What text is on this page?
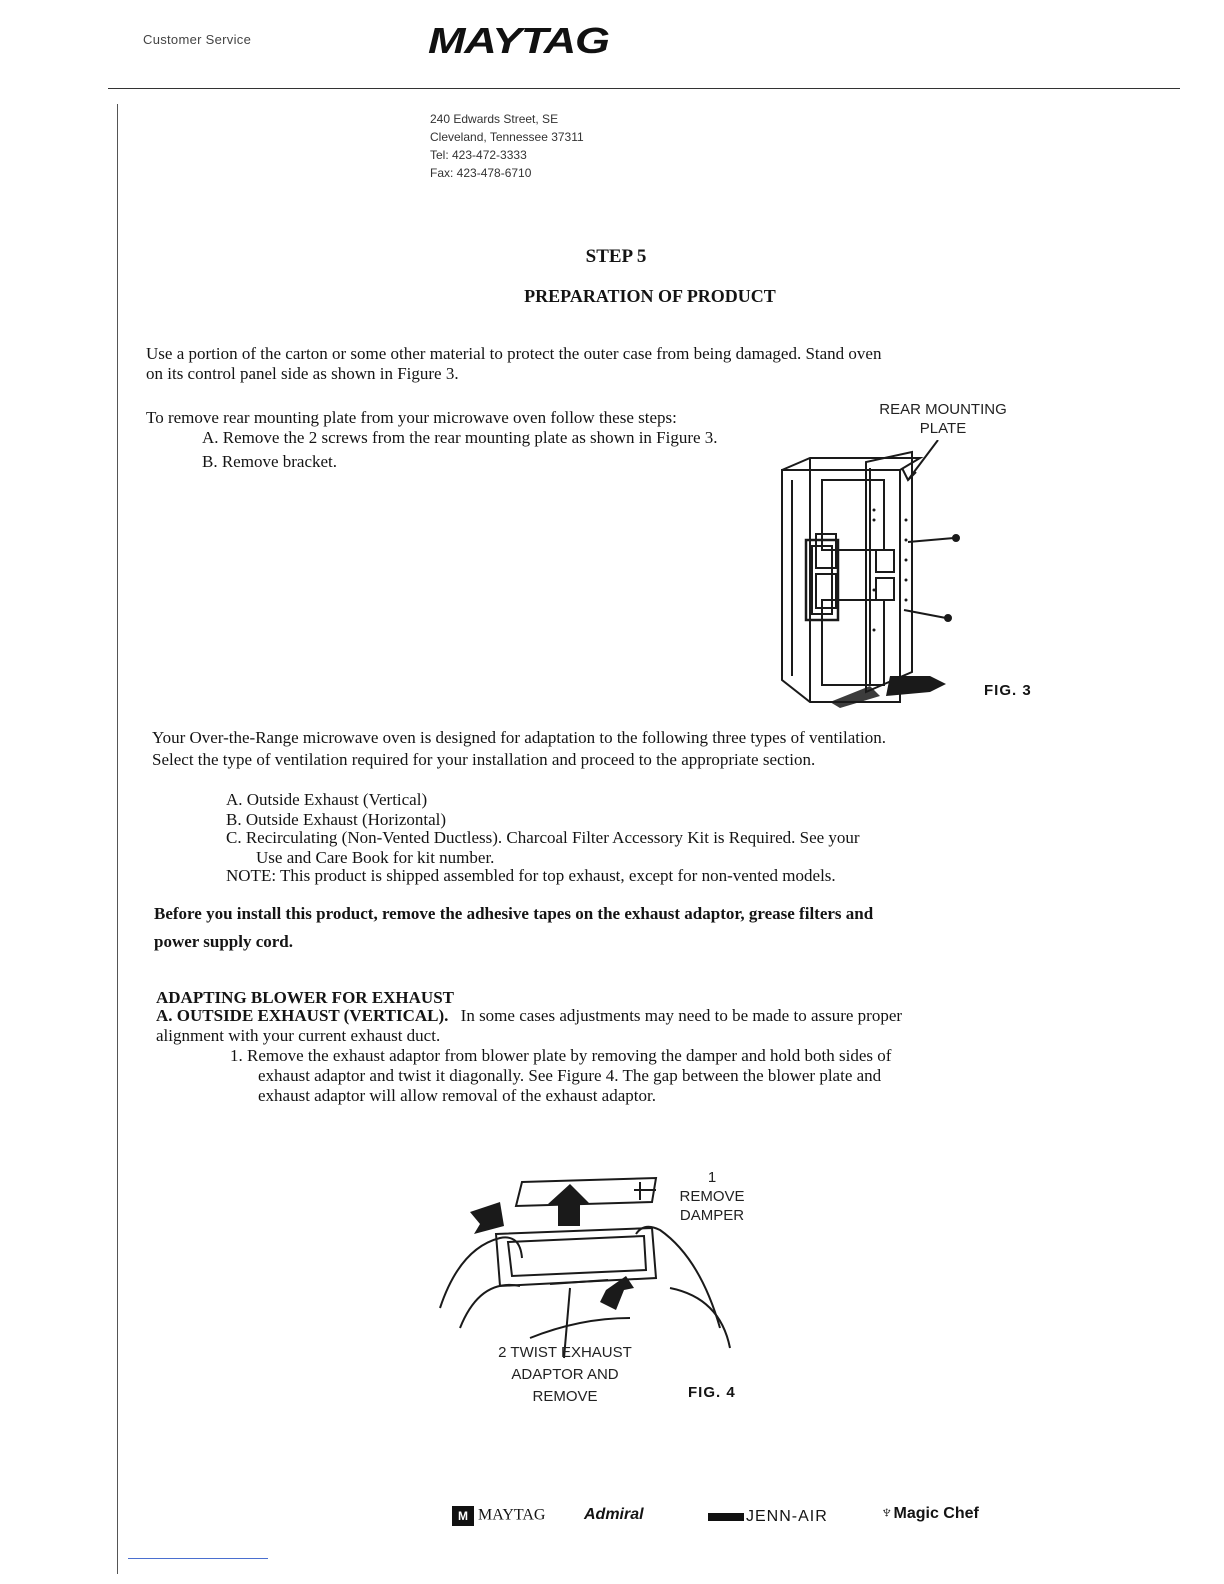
Customer Service	MAYTAG
240 Edwards Street, SE
Cleveland, Tennessee 37311
Tel: 423-472-3333
Fax: 423-478-6710
STEP 5
PREPARATION OF PRODUCT
Use a portion of the carton or some other material to protect the outer case from being damaged. Stand oven
on its control panel side as shown in Figure 3.
To remove rear mounting plate from your microwave oven follow these steps:
A. Remove the 2 screws from the rear mounting plate as shown in Figure 3.
B. Remove bracket.
REAR MOUNTING
PLATE
FIG. 3
Your Over-the-Range microwave oven is designed for adaptation to the following three types of ventilation.
Select the type of ventilation required for your installation and proceed to the appropriate section.
A. Outside Exhaust (Vertical)
B. Outside Exhaust (Horizontal)
C. Recirculating (Non-Vented Ductless). Charcoal Filter Accessory Kit is Required. See your
Use and Care Book for kit number.
NOTE: This product is shipped assembled for top exhaust, except for non-vented models.
Before you install this product, remove the adhesive tapes on the exhaust adaptor, grease filters and
power supply cord.
ADAPTING BLOWER FOR EXHAUST
A. OUTSIDE EXHAUST (VERTICAL). In some cases adjustments may need to be made to assure proper
alignment with your current exhaust duct.
1. Remove the exhaust adaptor from blower plate by removing the damper and hold both sides of
exhaust adaptor and twist it diagonally. See Figure 4. The gap between the blower plate and
exhaust adaptor will allow removal of the exhaust adaptor.
1
REMOVE
DAMPER
2 TWIST EXHAUST
ADAPTOR AND
REMOVE	FIG. 4
M MAYTAG Admiral	JENN-AIR	♆Magic Chef
